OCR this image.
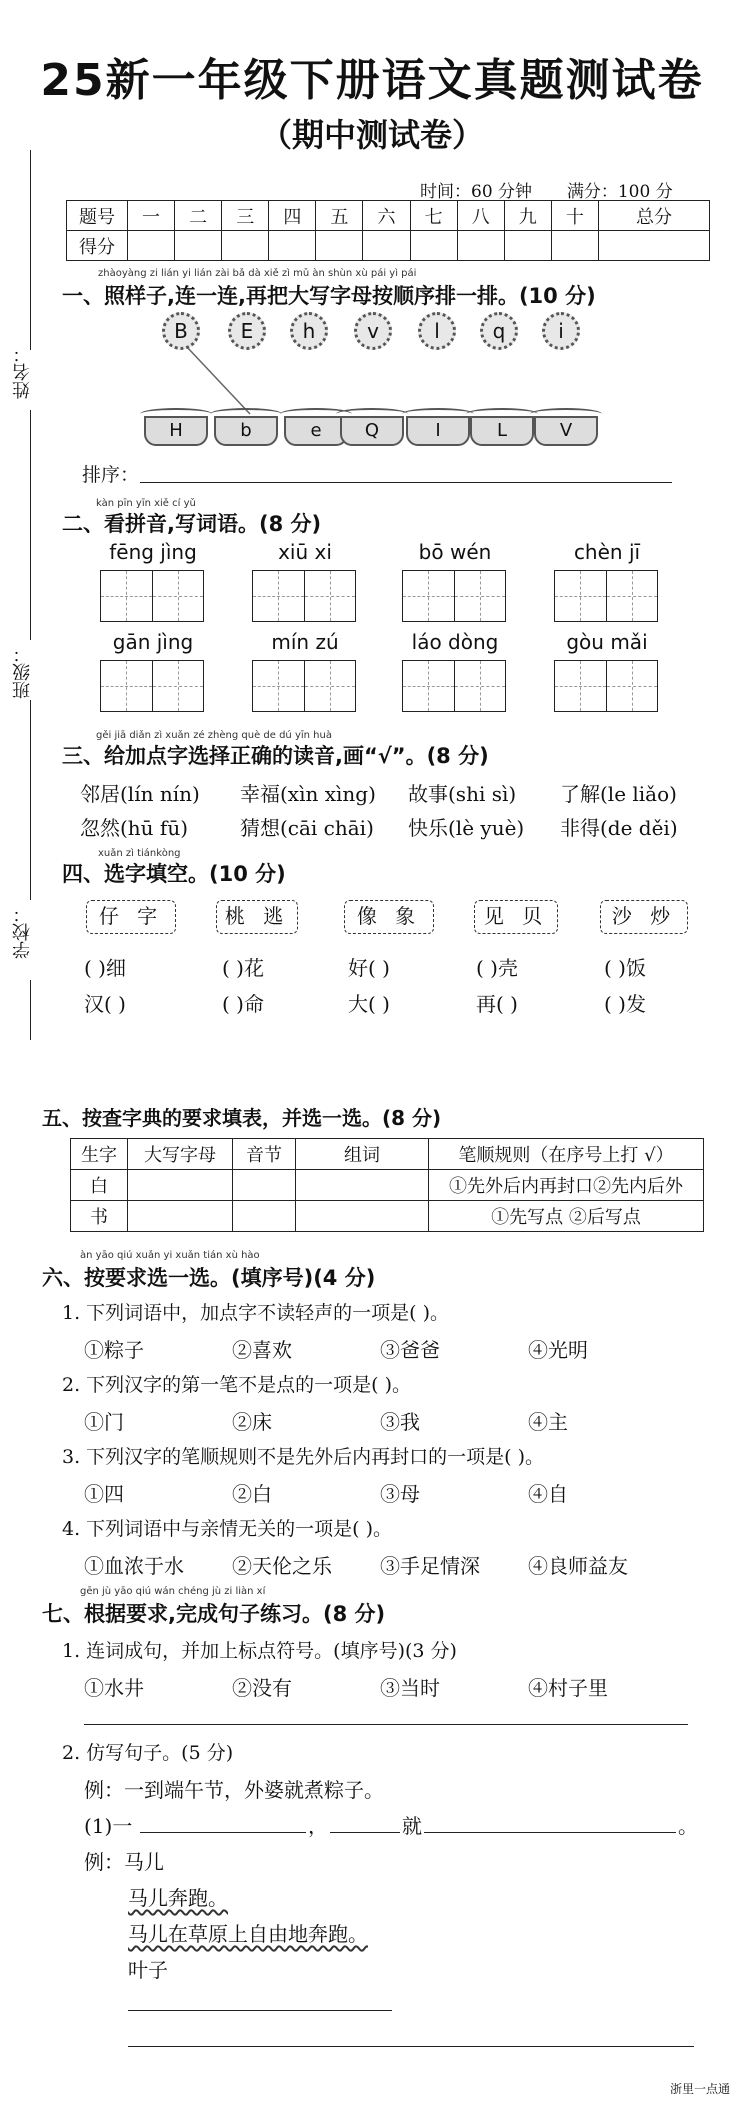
25新一年级下册语文真题测试卷
（期中测试卷）
姓名：
班级：
学校：
时间：60 分钟 满分：100 分
题号	一	二	三	四	五	六	七	八	九	十	总分
得分											
zhàoyàng zi lián yi lián zài bǎ dà xiě zì mǔ àn shùn xù pái yì pái
一、照样子,连一连,再把大写字母按顺序排一排。(10 分)
B	E	h	v	l	q	i
H	b	e	Q	I	L	V
排序：
kàn pīn yīn xiě cí yǔ
二、看拼音,写词语。(8 分)
fēng jìng	xiū xi	bō wén	chèn jī
gān jìng	mín zú	láo dòng	gòu mǎi
gěi jiā diǎn zì xuǎn zé zhèng què de dú yīn huà
三、给加点字选择正确的读音,画“√”。(8 分)
邻居(lín nín) 幸福(xìn xìng) 故事(shi sì) 了解(le liǎo)
忽然(hū fū)	猜想(cāi chāi) 快乐(lè yuè) 非得(de děi)
xuǎn zì tiánkòng
四、选字填空。(10 分)
仔 字	桃 逃	像 象	见 贝	沙 炒
( )细	( )花	好( )	( )壳	( )饭
汉( )	( )命	大( )	再( )	( )发
五、按查字典的要求填表，并选一选。(8 分)
生字	大写字母	音节	组词	笔顺规则（在序号上打 √）
白				①先外后内再封口②先内后外
书				①先写点 ②后写点
àn yāo qiú xuǎn yi xuǎn tián xù hào
六、按要求选一选。(填序号)(4 分)
1. 下列词语中，加点字不读轻声的一项是( )。
①粽子	②喜欢	③爸爸	④光明
2. 下列汉字的第一笔不是点的一项是( )。
①门	②床	③我	④主
3. 下列汉字的笔顺规则不是先外后内再封口的一项是( )。
①四	②白	③母	④自
4. 下列词语中与亲情无关的一项是( )。
①血浓于水 ②天伦之乐 ③手足情深 ④良师益友
gēn jù yāo qiú wán chéng jù zi liàn xí
七、根据要求,完成句子练习。(8 分)
1. 连词成句，并加上标点符号。(填序号)(3 分)
①水井	②没有	③当时	④村子里
2. 仿写句子。(5 分)
例：一到端午节，外婆就煮粽子。
(1)一	，	就	。
例：马儿
马儿奔跑。
马儿在草原上自由地奔跑。
叶子
浙里一点通
